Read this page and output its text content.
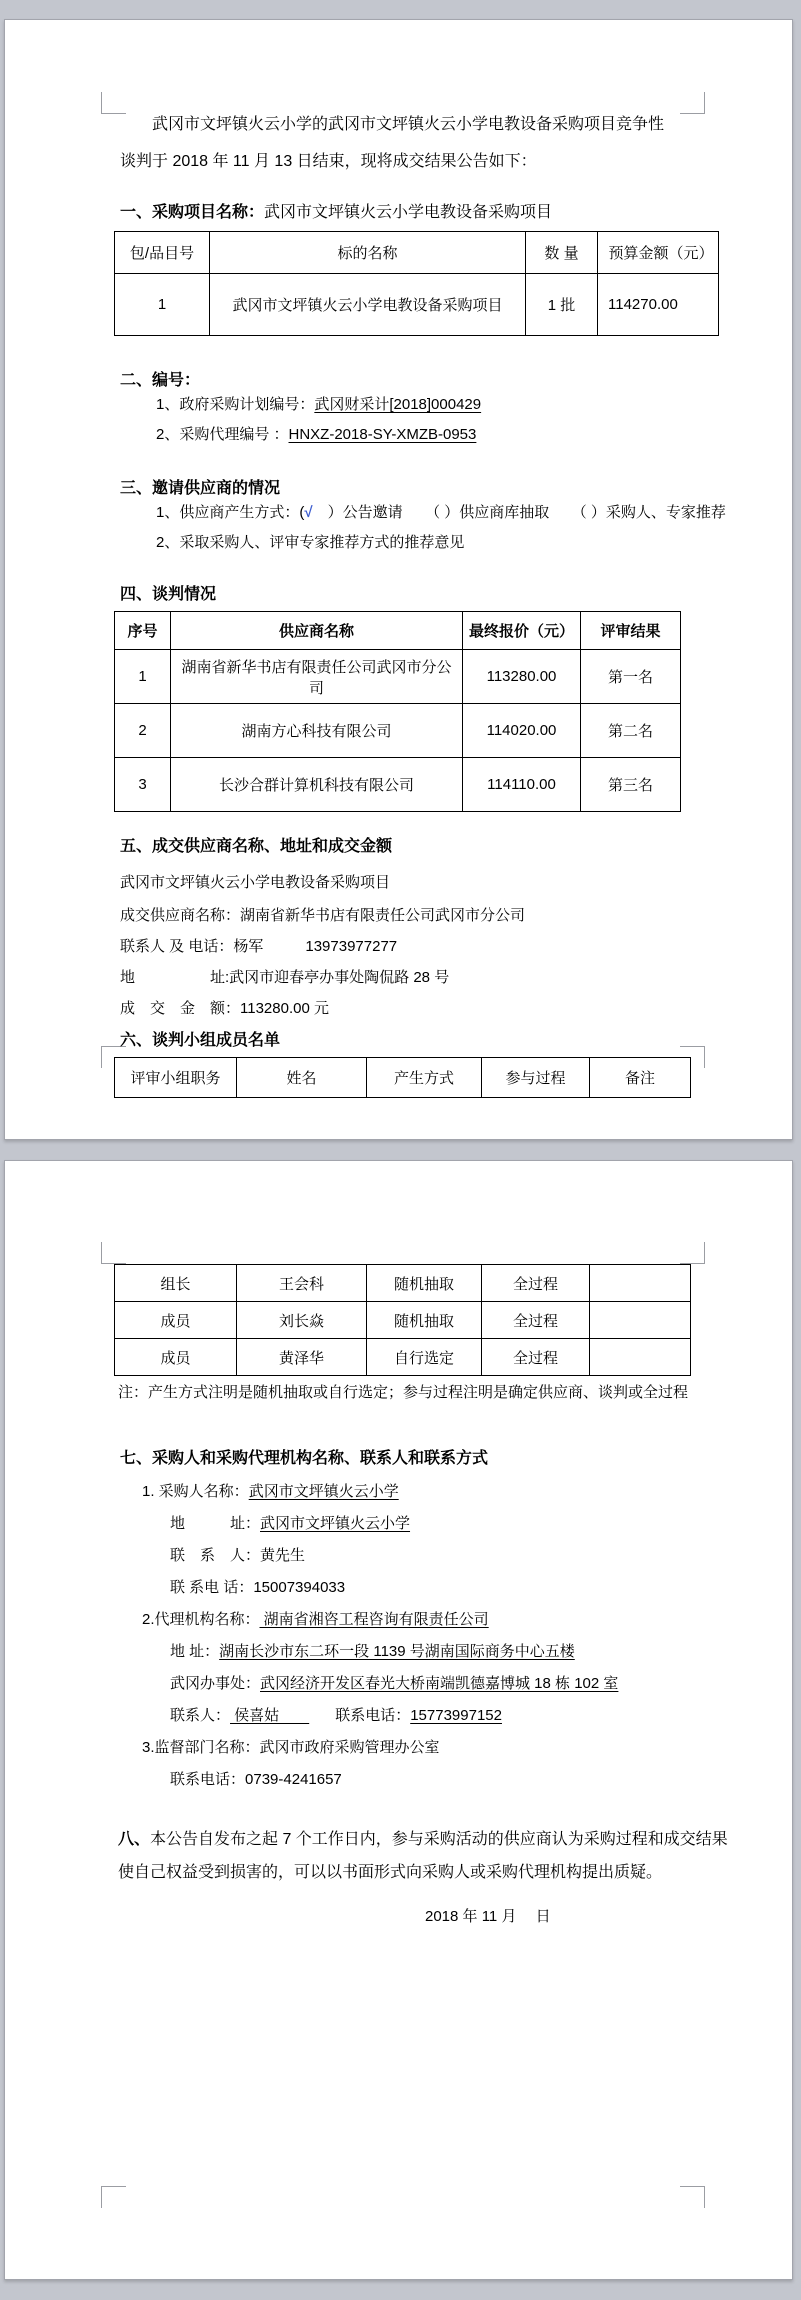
武冈市文坪镇火云小学的武冈市文坪镇火云小学电教设备采购项目竞争性谈判于 2018 年 11 月 13 日结束，现将成交结果公告如下：

一、采购项目名称：武冈市文坪镇火云小学电教设备采购项目
包/品目号	标的名称	数 量	预算金额（元）
1	武冈市文坪镇火云小学电教设备采购项目	1 批	114270.00
二、编号：
1、政府采购计划编号：武冈财采计[2018]000429
2、采购代理编号 ：HNXZ-2018-SY-XMZB-0953
三、邀请供应商的情况
1、供应商产生方式：(√　）公告邀请　　（ ）供应商库抽取　　（ ）采购人、专家推荐
2、采取采购人、评审专家推荐方式的推荐意见
四、谈判情况
序号	供应商名称	最终报价（元）	评审结果
1	湖南省新华书店有限责任公司武冈市分公司	113280.00	第一名
2	湖南方心科技有限公司	114020.00	第二名
3	长沙合群计算机科技有限公司	114110.00	第三名
五、成交供应商名称、地址和成交金额
武冈市文坪镇火云小学电教设备采购项目
成交供应商名称：湖南省新华书店有限责任公司武冈市分公司
联系人 及 电话：杨军	13973977277
地　　　　　址:武冈市迎春亭办事处陶侃路 28 号
成　交　金　额：113280.00 元
六、谈判小组成员名单
评审小组职务	姓名	产生方式	参与过程	备注
组长	王会科	随机抽取	全过程	
成员	刘长焱	随机抽取	全过程	
成员	黄泽华	自行选定	全过程	
注：产生方式注明是随机抽取或自行选定；参与过程注明是确定供应商、谈判或全过程
七、采购人和采购代理机构名称、联系人和联系方式
1. 采购人名称：武冈市文坪镇火云小学
地　　　址：武冈市文坪镇火云小学
联　系　人：黄先生
联 系电 话：15007394033
2.代理机构名称： 湖南省湘咨工程咨询有限责任公司
地 址：湖南长沙市东二环一段 1139 号湖南国际商务中心五楼
武冈办事处：武冈经济开发区春光大桥南端凯德嘉博城 18 栋 102 室
联系人： 侯喜姑　　联系电话：15773997152
3.监督部门名称：武冈市政府采购管理办公室
联系电话：0739-4241657

八、本公告自发布之起 7 个工作日内，参与采购活动的供应商认为采购过程和成交结果使自己权益受到损害的，可以以书面形式向采购人或采购代理机构提出质疑。

2018 年 11 月　 日
